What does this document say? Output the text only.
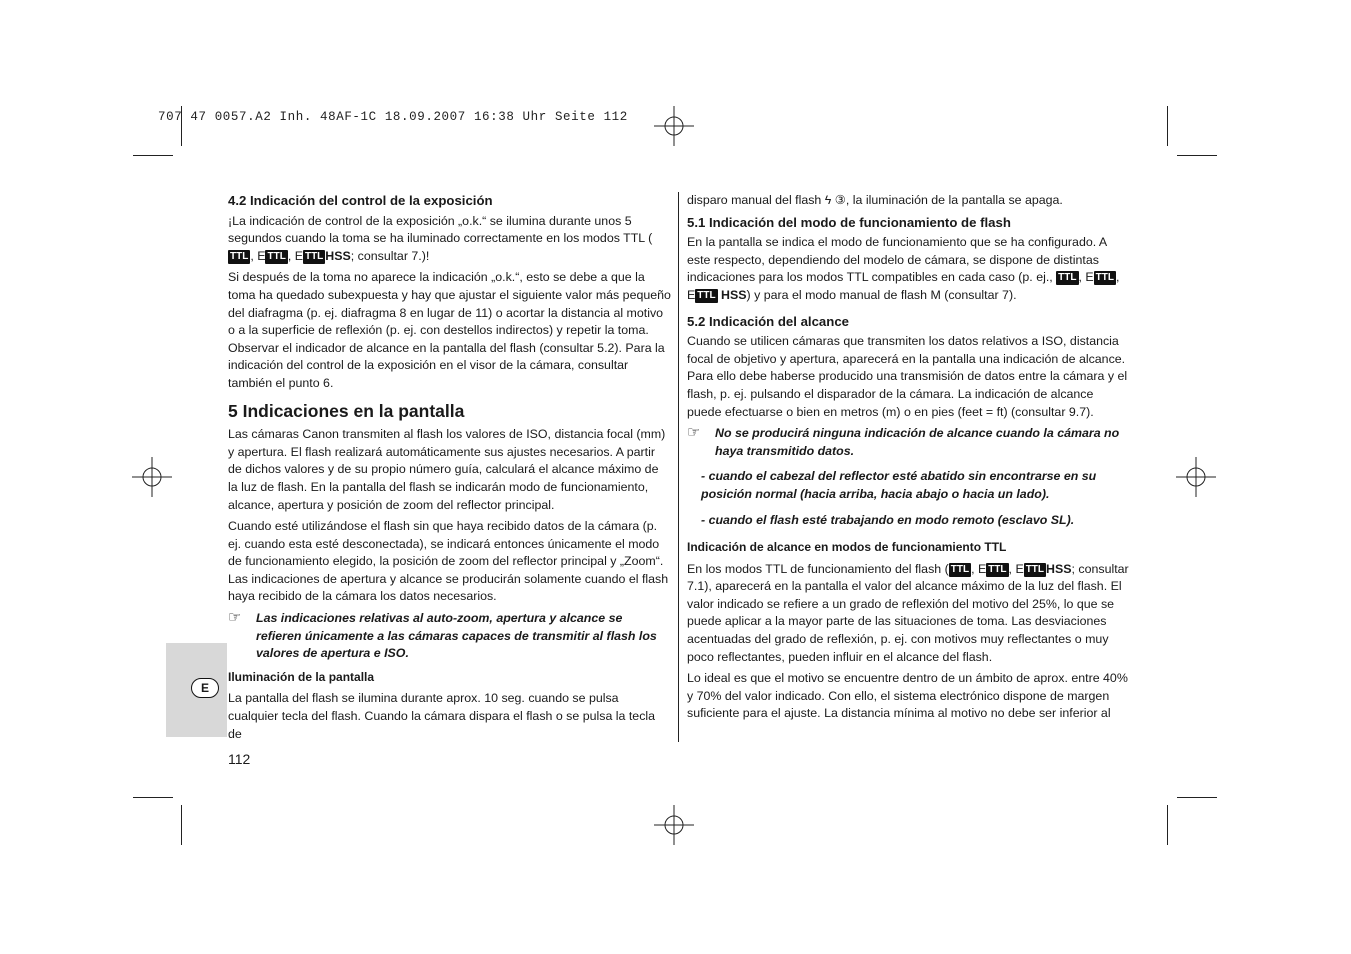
707 47 0057.A2 Inh. 48AF-1C 18.09.2007 16:38 Uhr Seite 112
E
112
4.2 Indicación del control de la exposición

¡La indicación de control de la exposición „o.k.“ se ilumina durante unos 5 segundos cuando la toma se ha iluminado correctamente en los modos TTL (TTL , E TTL , E TTL HSS; consultar 7.)!

Si después de la toma no aparece la indicación „o.k.“, esto se debe a que la toma ha quedado subexpuesta y hay que ajustar el siguiente valor más pequeño del diafragma (p. ej. diafragma 8 en lugar de 11) o acortar la distancia al motivo o a la superficie de reflexión (p. ej. con destellos indirectos) y repetir la toma. Observar el indicador de alcance en la pantalla del flash (consultar 5.2). Para la indicación del control de la exposición en el visor de la cámara, consultar también el punto 6.

5 Indicaciones en la pantalla

Las cámaras Canon transmiten al flash los valores de ISO, distancia focal (mm) y apertura. El flash realizará automáticamente sus ajustes necesarios. A partir de dichos valores y de su propio número guía, calculará el alcance máximo de la luz de flash. En la pantalla del flash se indicarán modo de funcionamiento, alcance, apertura y posición de zoom del reflector principal.

Cuando esté utilizándose el flash sin que haya recibido datos de la cámara (p. ej. cuando esta esté desconectada), se indicará entonces únicamente el modo de funcionamiento elegido, la posición de zoom del reflector principal y „Zoom“. Las indicaciones de apertura y alcance se producirán solamente cuando el flash haya recibido de la cámara los datos necesarios.

☞ Las indicaciones relativas al auto-zoom, apertura y alcance se refieren únicamente a las cámaras capaces de transmitir al flash los valores de apertura e ISO.
Iluminación de la pantalla

La pantalla del flash se ilumina durante aprox. 10 seg. cuando se pulsa cualquier tecla del flash. Cuando la cámara dispara el flash o se pulsa la tecla de

disparo manual del flash ϟ ③, la iluminación de la pantalla se apaga.

5.1 Indicación del modo de funcionamiento de flash

En la pantalla se indica el modo de funcionamiento que se ha configurado. A este respecto, dependiendo del modelo de cámara, se dispone de distintas indicaciones para los modos TTL compatibles en cada caso (p. ej., TTL , E TTL , E TTL HSS) y para el modo manual de flash M (consultar 7).

5.2 Indicación del alcance

Cuando se utilicen cámaras que transmiten los datos relativos a ISO, distancia focal de objetivo y apertura, aparecerá en la pantalla una indicación de alcance. Para ello debe haberse producido una transmisión de datos entre la cámara y el flash, p. ej. pulsando el disparador de la cámara. La indicación de alcance puede efectuarse o bien en metros (m) o en pies (feet = ft) (consultar 9.7).

☞ No se producirá ninguna indicación de alcance cuando la cámara no haya transmitido datos.
- cuando el cabezal del reflector esté abatido sin encontrarse en su posición normal (hacia arriba, hacia abajo o hacia un lado).
- cuando el flash esté trabajando en modo remoto (esclavo SL).
Indicación de alcance en modos de funcionamiento TTL

En los modos TTL de funcionamiento del flash ( TTL , E TTL , E TTL HSS; consultar 7.1), aparecerá en la pantalla el valor del alcance máximo de la luz del flash. El valor indicado se refiere a un grado de reflexión del motivo del 25%, lo que se puede aplicar a la mayor parte de las situaciones de toma. Las desviaciones acentuadas del grado de reflexión, p. ej. con motivos muy reflectantes o muy poco reflectantes, pueden influir en el alcance del flash.

Lo ideal es que el motivo se encuentre dentro de un ámbito de aprox. entre 40% y 70% del valor indicado. Con ello, el sistema electrónico dispone de margen suficiente para el ajuste. La distancia mínima al motivo no debe ser inferior al
